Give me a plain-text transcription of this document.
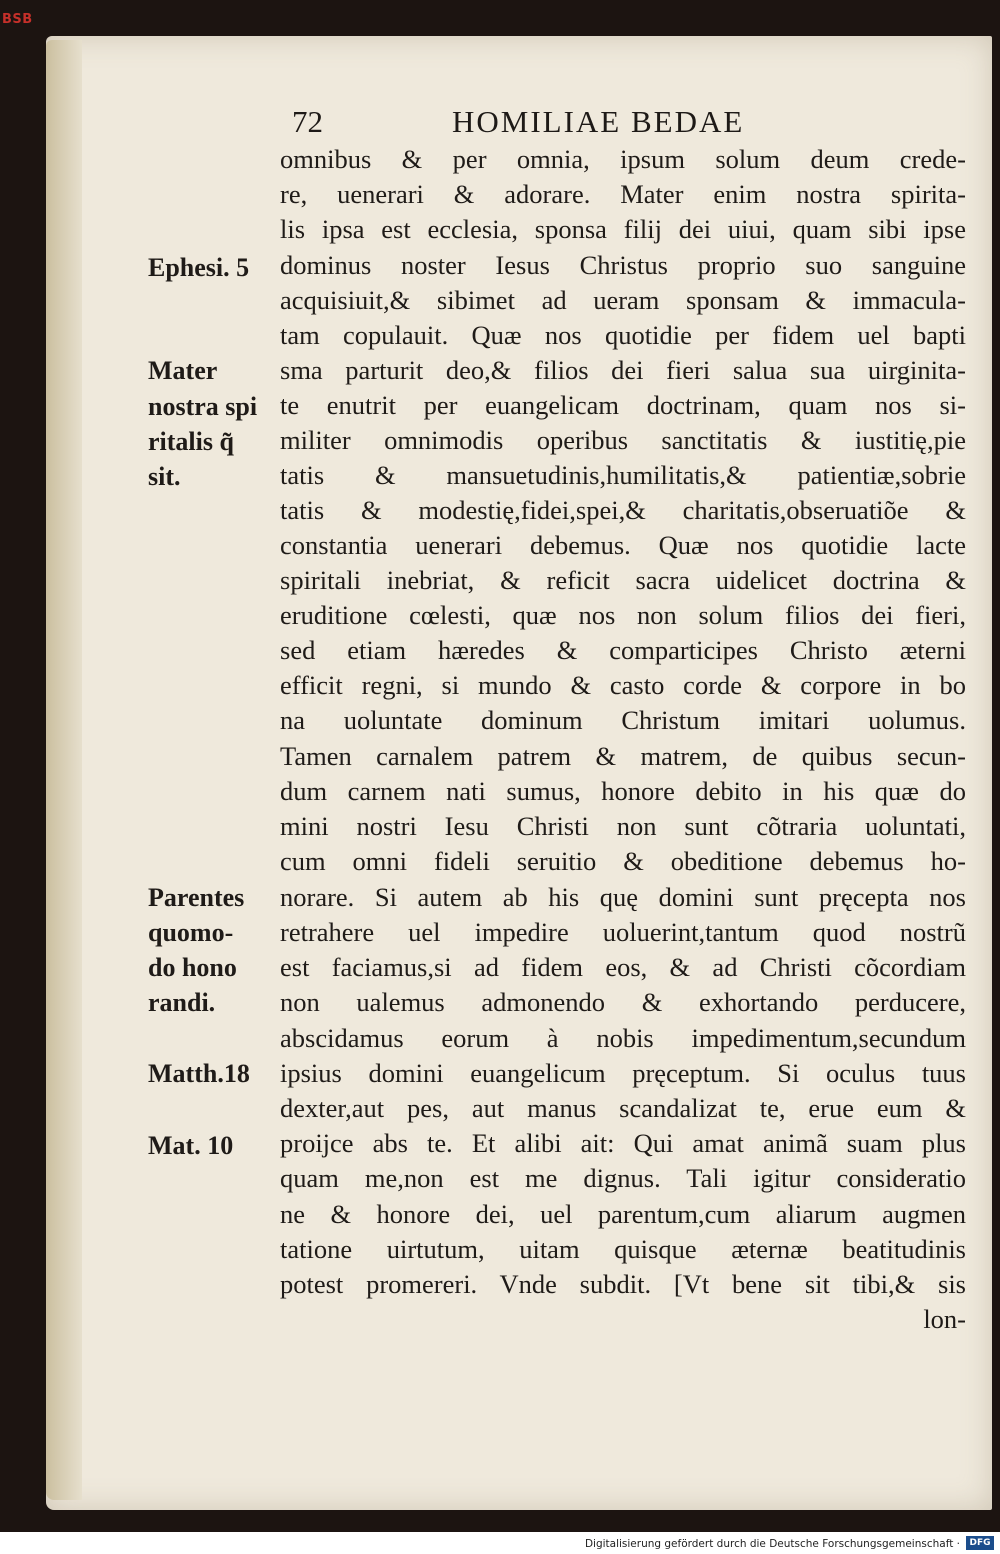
BSB
72	HOMILIAE BEDAE
omnibus & per omnia, ipsum solum deum crede-
re, uenerari & adorare. Mater enim nostra spirita-
lis ipsa est ecclesia, sponsa filij dei uiui, quam sibi ipse
dominus noster Iesus Christus proprio suo sanguine
acquisiuit,& sibimet ad ueram sponsam & immacula-
tam copulauit. Quæ nos quotidie per fidem uel bapti
sma parturit deo,& filios dei fieri salua sua uirginita-
te enutrit per euangelicam doctrinam, quam nos si-
militer omnimodis operibus sanctitatis & iustitię,pie
tatis & mansuetudinis,humilitatis,& patientiæ,sobrie
tatis & modestię,fidei,spei,& charitatis,obseruatiõe &
constantia uenerari debemus. Quæ nos quotidie lacte
spiritali inebriat, & reficit sacra uidelicet doctrina &
eruditione cœlesti, quæ nos non solum filios dei fieri,
sed etiam hæredes & comparticipes Christo æterni
efficit regni, si mundo & casto corde & corpore in bo
na uoluntate dominum Christum imitari uolumus.
Tamen carnalem patrem & matrem, de quibus secun-
dum carnem nati sumus, honore debito in his quæ do
mini nostri Iesu Christi non sunt cõtraria uoluntati,
cum omni fideli seruitio & obeditione debemus ho-
norare. Si autem ab his quę domini sunt pręcepta nos
retrahere uel impedire uoluerint,tantum quod nostrũ
est faciamus,si ad fidem eos, & ad Christi cõcordiam
non ualemus admonendo & exhortando perducere,
abscidamus eorum à nobis impedimentum,secundum
ipsius domini euangelicum pręceptum. Si oculus tuus
dexter,aut pes, aut manus scandalizat te, erue eum &
proijce abs te. Et alibi ait: Qui amat animã suam plus
quam me,non est me dignus. Tali igitur consideratio
ne & honore dei, uel parentum,cum aliarum augmen
tatione uirtutum, uitam quisque æternæ beatitudinis
potest promereri. Vnde subdit. [Vt bene sit tibi,& sis
lon-
Ephesi. 5
Mater
nostra spi
ritalis q̃
sit.
Parentes
quomo-
do hono
randi.
Matth.18
Mat. 10
Digitalisierung gefördert durch die Deutsche Forschungsgemeinschaft ·	DFG
